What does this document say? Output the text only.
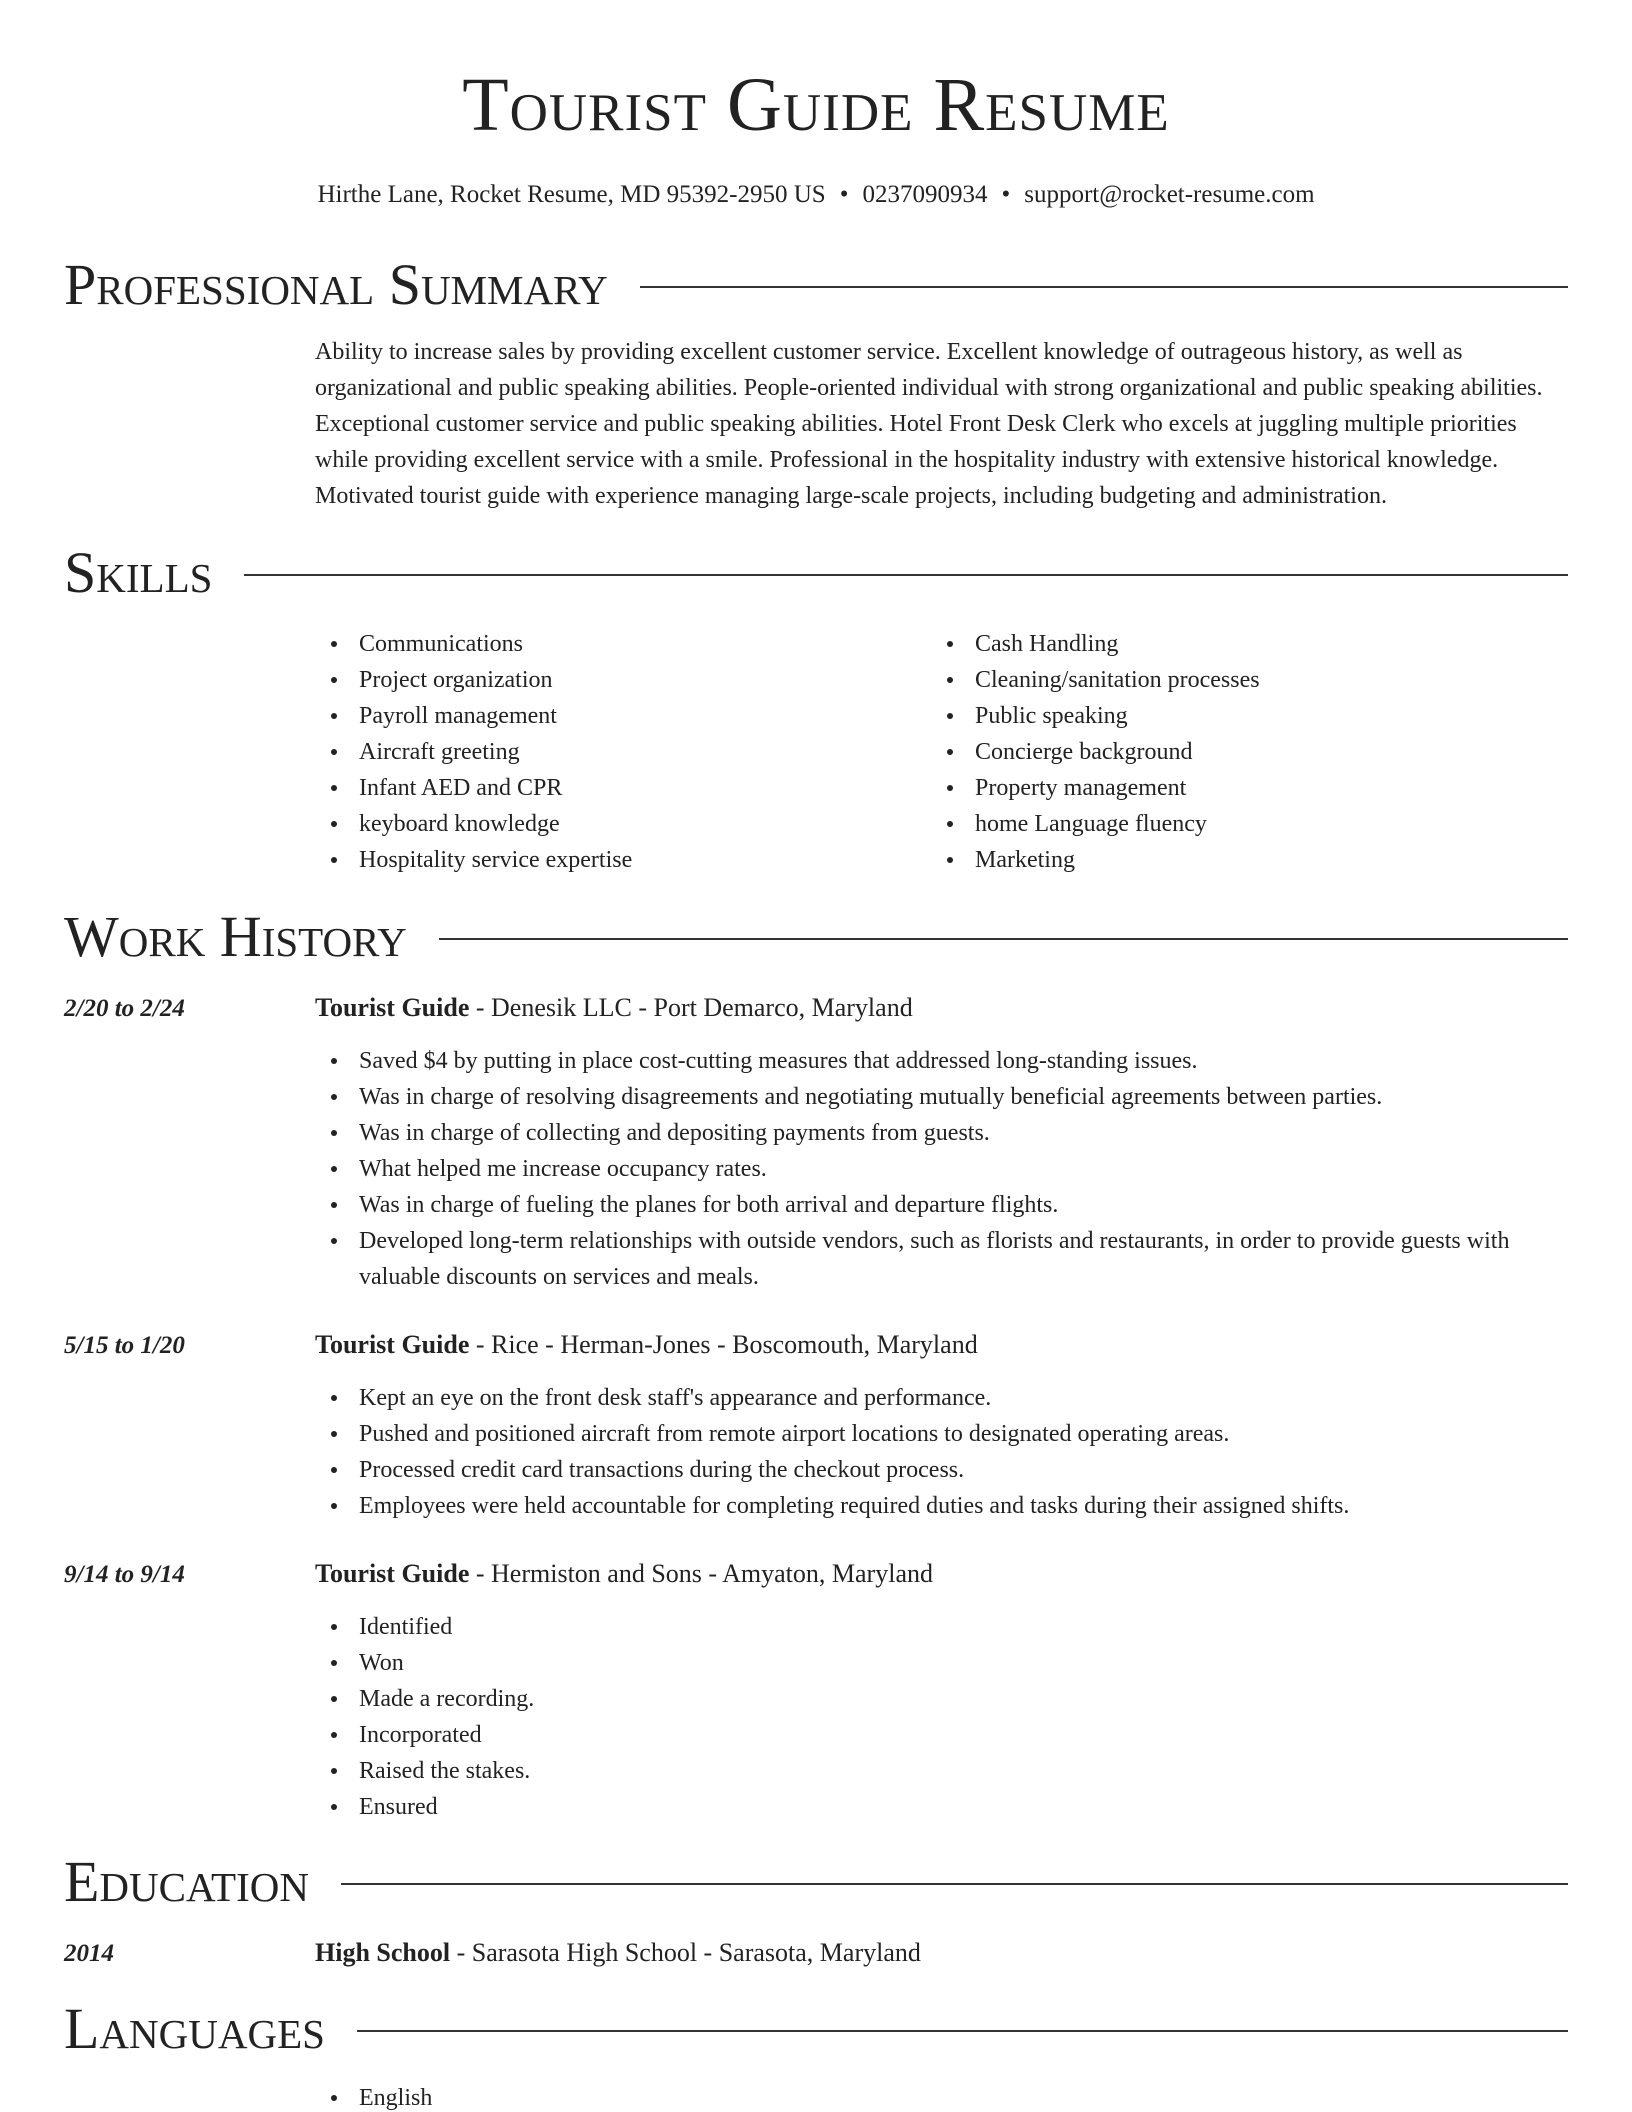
Tourist Guide Resume
Hirthe Lane, Rocket Resume, MD 95392-2950 US • 0237090934 • support@rocket-resume.com
Professional Summary

Ability to increase sales by providing excellent customer service. Excellent knowledge of outrageous history, as well as organizational and public speaking abilities. People-oriented individual with strong organizational and public speaking abilities. Exceptional customer service and public speaking abilities. Hotel Front Desk Clerk who excels at juggling multiple priorities while providing excellent service with a smile. Professional in the hospitality industry with extensive historical knowledge. Motivated tourist guide with experience managing large-scale projects, including budgeting and administration.

Skills
Communications
Project organization
Payroll management
Aircraft greeting
Infant AED and CPR
keyboard knowledge
Hospitality service expertise
Cash Handling
Cleaning/sanitation processes
Public speaking
Concierge background
Property management
home Language fluency
Marketing
Work History
2/20 to 2/24	Tourist Guide - Denesik LLC - Port Demarco, Maryland
Saved $4 by putting in place cost-cutting measures that addressed long-standing issues.
Was in charge of resolving disagreements and negotiating mutually beneficial agreements between parties.
Was in charge of collecting and depositing payments from guests.
What helped me increase occupancy rates.
Was in charge of fueling the planes for both arrival and departure flights.
Developed long-term relationships with outside vendors, such as florists and restaurants, in order to provide guests with valuable discounts on services and meals.
5/15 to 1/20	Tourist Guide - Rice - Herman-Jones - Boscomouth, Maryland
Kept an eye on the front desk staff's appearance and performance.
Pushed and positioned aircraft from remote airport locations to designated operating areas.
Processed credit card transactions during the checkout process.
Employees were held accountable for completing required duties and tasks during their assigned shifts.
9/14 to 9/14	Tourist Guide - Hermiston and Sons - Amyaton, Maryland
Identified
Won
Made a recording.
Incorporated
Raised the stakes.
Ensured
Education
2014	High School - Sarasota High School - Sarasota, Maryland
Languages
English
